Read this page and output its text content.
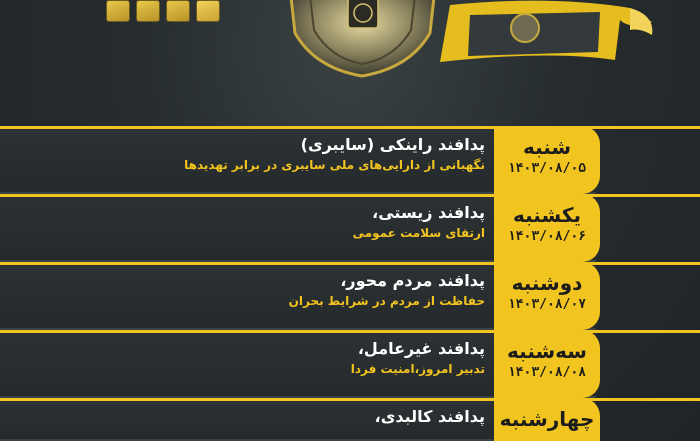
پدافند راینکی (سایبری)
نگهبانی از دارایی‌های ملی سایبری در برابر تهدیدها
شنبه
۱۴۰۳/۰۸/۰۵
پدافند زیستی،
ارتقای سلامت عمومی
یکشنبه
۱۴۰۳/۰۸/۰۶
پدافند مردم محور،
حفاظت از مردم در شرایط بحران
دوشنبه
۱۴۰۳/۰۸/۰۷
پدافند غیرعامل،
تدبیر امروز،امنیت فردا
سه‌شنبه
۱۴۰۳/۰۸/۰۸
پدافند کالبدی، چهارشنبه
